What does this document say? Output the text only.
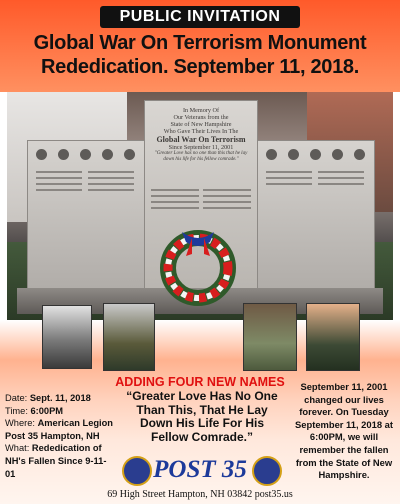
PUBLIC INVITATION
Global War On Terrorism Monument
Rededication. September 11, 2018.
In Memory Of
Our Veterans from the
State of New Hampshire
Who Gave Their Lives In The
Global War On Terrorism
Since September 11, 2001
"Greater Love has no one than this that he lay
down his life for his fellow comrade."
ADDING FOUR NEW NAMES
Date: Sept. 11, 2018
Time: 6:00PM
Where: American Legion Post 35 Hampton, NH
What: Rededication of NH's Fallen Since 9-11-01
“Greater Love Has No One Than This, That He Lay Down His Life For His Fellow Comrade.”
September 11, 2001 changed our lives forever. On Tuesday September 11, 2018 at 6:00PM, we will remember the fallen from the State of New Hampshire.
POST 35
69 High Street Hampton, NH 03842 post35.us
